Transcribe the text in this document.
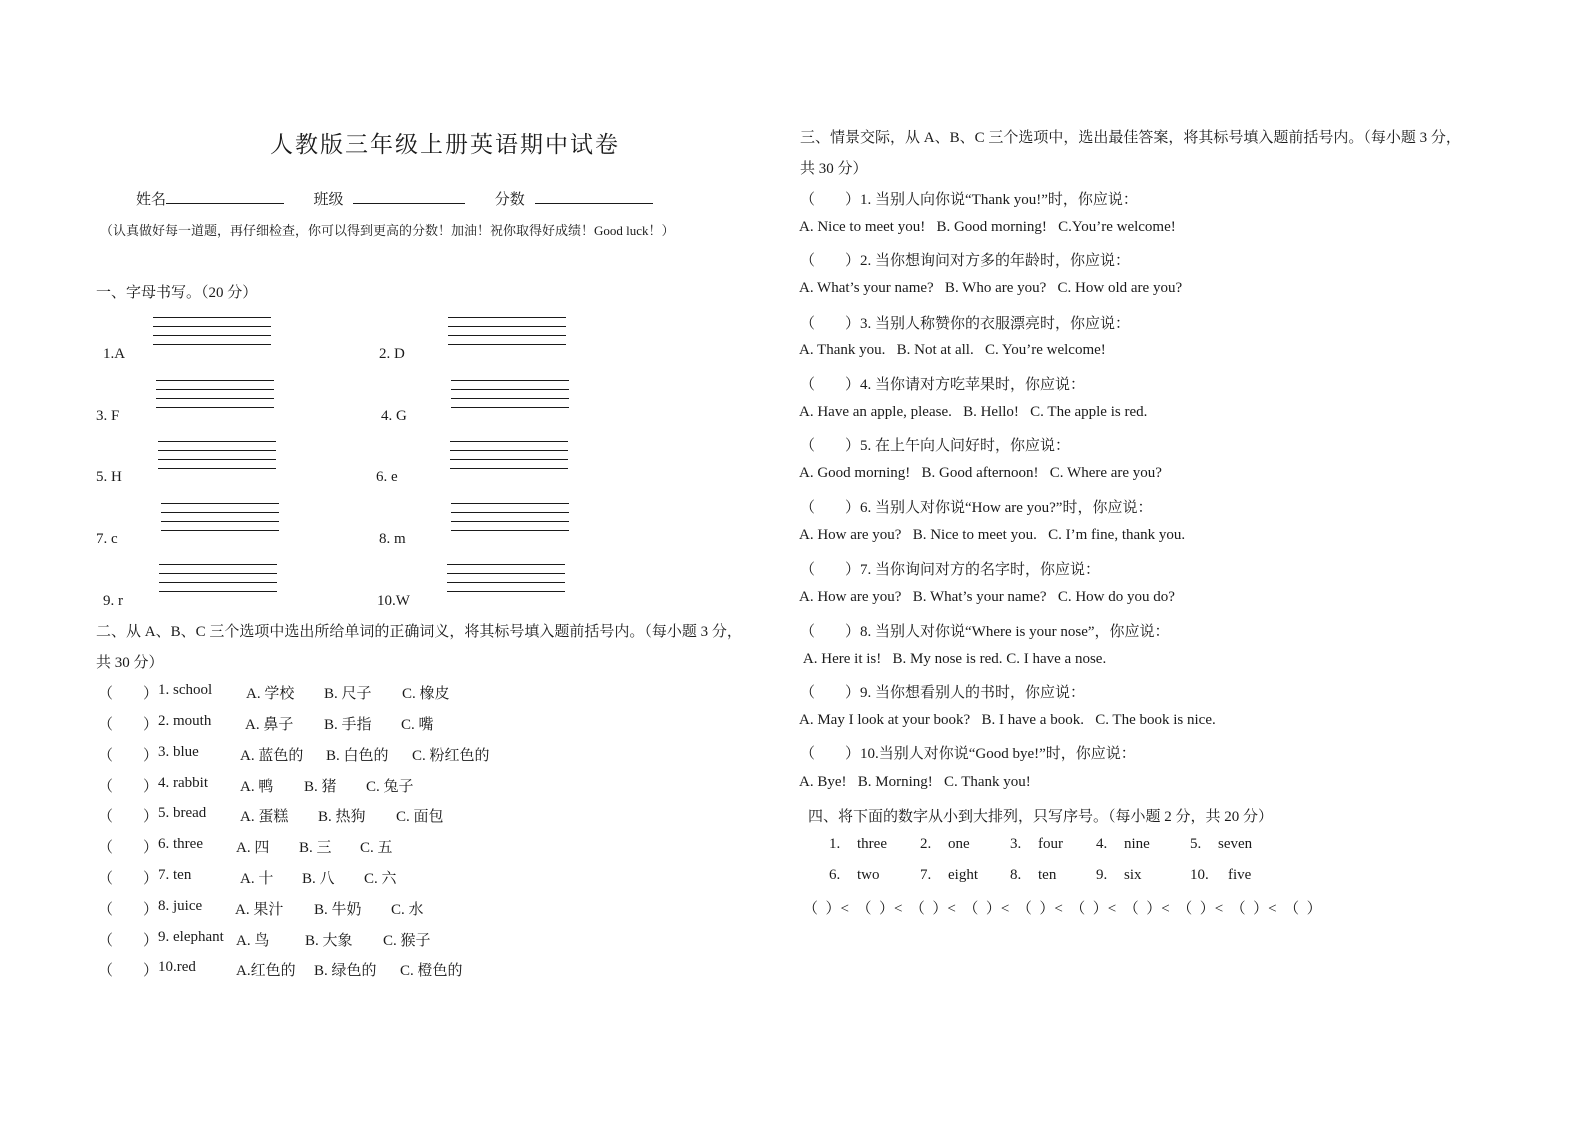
人教版三年级上册英语期中试卷
姓名	班级	分数
（认真做好每一道题，再仔细检查，你可以得到更高的分数！加油！祝你取得好成绩！Good luck！）
一、字母书写。（20 分）
1.A	2. D
3. F	4. G
5. H	6. e
7. c	8. m
9. r	10.W
二、从 A、B、C 三个选项中选出所给单词的正确词义，将其标号填入题前括号内。（每小题 3 分，
共 30 分）
（　　） 1. school A. 学校 B. 尺子 C. 橡皮
（　　） 2. mouth A. 鼻子 B. 手指 C. 嘴
（　　） 3. blue	A. 蓝色的 B. 白色的 C. 粉红色的
（　　） 4. rabbit A. 鸭 B. 猪 C. 兔子
（　　） 5. bread A. 蛋糕 B. 热狗 C. 面包
（　　） 6. three A. 四 B. 三 C. 五
（　　） 7. ten	A. 十 B. 八 C. 六
（　　） 8. juice A. 果汁 B. 牛奶 C. 水
（　　） 9. elephant A. 鸟 B. 大象 C. 猴子
（　　） 10.red	A.红色的 B. 绿色的 C. 橙色的
三、情景交际，从 A、B、C 三个选项中，选出最佳答案，将其标号填入题前括号内。（每小题 3 分，
共 30 分）
（　　）1. 当别人向你说“Thank you!”时，你应说：
A. Nice to meet you!   B. Good morning!   C.You’re welcome!
（　　）2. 当你想询问对方多的年龄时，你应说：
A. What’s your name?   B. Who are you?   C. How old are you?
（　　）3. 当别人称赞你的衣服漂亮时，你应说：
A. Thank you.   B. Not at all.   C. You’re welcome!
（　　）4. 当你请对方吃苹果时，你应说：
A. Have an apple, please.   B. Hello!   C. The apple is red.
（　　）5. 在上午向人问好时，你应说：
A. Good morning!   B. Good afternoon!   C. Where are you?
（　　）6. 当别人对你说“How are you?”时，你应说：
A. How are you?   B. Nice to meet you.   C. I’m fine, thank you.
（　　）7. 当你询问对方的名字时，你应说：
A. How are you?   B. What’s your name?   C. How do you do?
（　　）8. 当别人对你说“Where is your nose”，你应说：
A. Here it is!   B. My nose is red. C. I have a nose.
（　　）9. 当你想看别人的书时，你应说：
A. May I look at your book?   B. I have a book.   C. The book is nice.
（　　）10.当别人对你说“Good bye!”时，你应说：
A. Bye!   B. Morning!   C. Thank you!
四、将下面的数字从小到大排列，只写序号。（每小题 2 分，共 20 分）
1. three 2. one	3. four 4. nine	5. seven
6. two	7. eight 8. ten	9. six	10. five
（  ）<  （  ）<  （  ）<  （  ）<  （  ）<  （  ）<  （  ）<  （  ）<  （  ）<  （  ）
